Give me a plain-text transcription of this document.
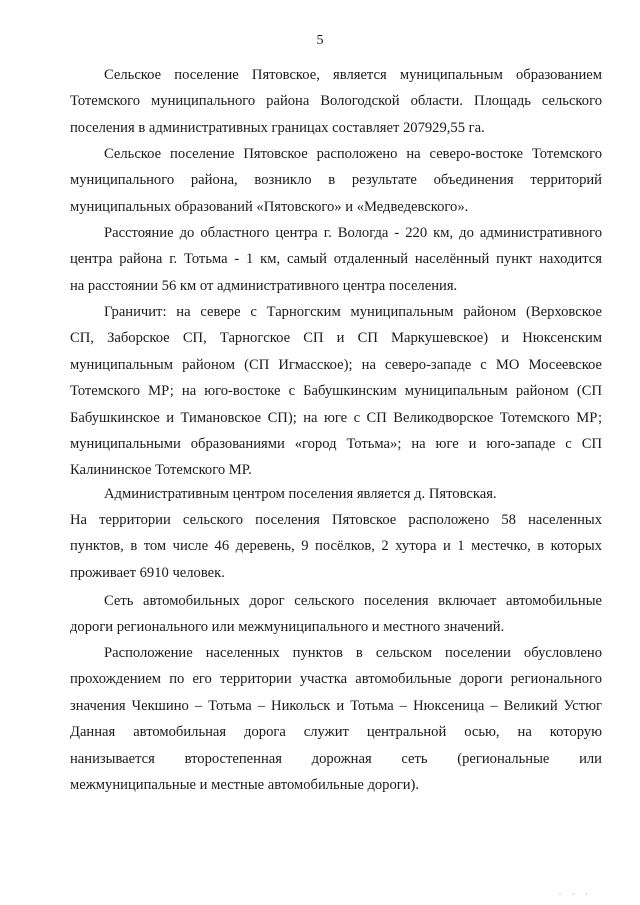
5
Сельское поселение Пятовское, является муниципальным образованием
Тотемского муниципального района Вологодской области. Площадь сельского
поселения в административных границах составляет 207929,55 га.
Сельское поселение Пятовское расположено на северо-востоке Тотемского
муниципального района, возникло в результате объединения территорий
муниципальных образований «Пятовского» и «Медведевского».
Расстояние до областного центра г. Вологда - 220 км, до административного
центра района г. Тотьма - 1 км, самый отдаленный населённый пункт находится
на расстоянии 56 км от административного центра поселения.
Граничит: на севере с Тарногским муниципальным районом (Верховское
СП, Заборское СП, Тарногское СП и СП Маркушевское) и Нюксенским
муниципальным районом (СП Игмасское); на северо-западе с МО Мосеевское
Тотемского МР; на юго-востоке с Бабушкинским муниципальным районом (СП
Бабушкинское и Тимановское СП); на юге с СП Великодворское Тотемского МР;
муниципальными образованиями «город Тотьма»; на юге и юго-западе с СП
Калининское Тотемского МР.
Административным центром поселения является д. Пятовская.
На территории сельского поселения Пятовское расположено 58 населенных
пунктов, в том числе 46 деревень, 9 посёлков, 2 хутора и 1 местечко, в которых
проживает 6910 человек.
Сеть автомобильных дорог сельского поселения включает автомобильные
дороги регионального или межмуниципального и местного значений.
Расположение населенных пунктов в сельском поселении обусловлено
прохождением по его территории участка автомобильные дороги регионального
значения Чекшино – Тотьма – Никольск и Тотьма – Нюксеница – Великий Устюг
Данная автомобильная дорога служит центральной осью, на которую
нанизывается второстепенная дорожная сеть (региональные или
межмуниципальные и местные автомобильные дороги).
· · ·
